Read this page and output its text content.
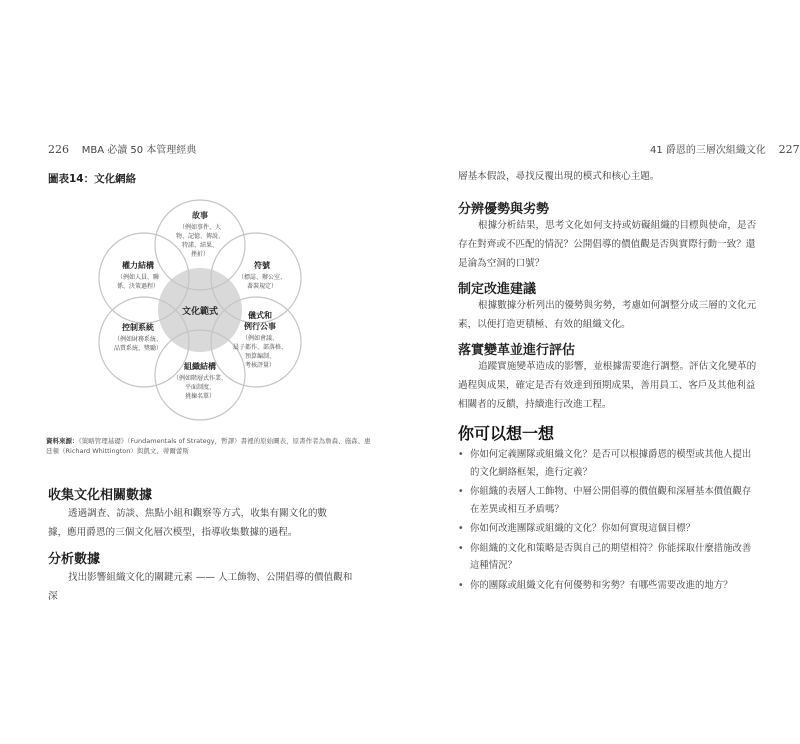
226 MBA 必讀 50 本管理經典
圖表14：文化網絡
文化範式
故事
（例如事件、人
物、記憶、傳說、
特諾、結果、
挫折）
符號
（標誌、辦公室、
著裝規定）
儀式和
例行公事
（例如會議、
晨子都作、部落格、
預算編制、
考核評量）
組織結構
（例如階層式作業、
平面制度、
挑揀名單）
控制系統
（例如財務系統、
品質系統、獎勵）
權力結構
（例如人員、聯
係、決策過程）
資料來源：《策略管理基礎》（Fundamentals of Strategy，暫譯）書裡的原始圖表，原書作者為詹森、施森、惠廷頓（Richard Whittington）與凱文、蒂爾蕾斯
收集文化相關數據

透過調查、訪談、焦點小組和觀察等方式，收集有關文化的數據，應用爵恩的三個文化層次模型，指導收集數據的過程。

分析數據

找出影響組織文化的關鍵元素 —— 人工飾物、公開倡導的價值觀和深

41 爵恩的三層次組織文化 227

層基本假設，尋找反覆出現的模式和核心主題。

分辨優勢與劣勢

根據分析結果，思考文化如何支持或妨礙組織的目標與使命，是否存在對齊或不匹配的情況？公開倡導的價值觀是否與實際行動一致？還是淪為空洞的口號？

制定改進建議

根據數據分析列出的優勢與劣勢，考慮如何調整分成三層的文化元素，以便打造更積極、有效的組織文化。

落實變革並進行評估

追蹤實施變革造成的影響，並根據需要進行調整。評估文化變革的過程與成果，確定是否有效達到預期成果，善用員工、客戶及其他利益相關者的反饋，持續進行改進工程。

你可以想一想
• 你如何定義團隊或組織文化？是否可以根據爵恩的模型或其他人提出的文化網絡框架，進行定義？
• 你組織的表層人工飾物、中層公開倡導的價值觀和深層基本價值觀存在差異或相互矛盾嗎？
• 你如何改進團隊或組織的文化？你如何實現這個目標？
• 你組織的文化和策略是否與自己的期望相符？你能採取什麼措施改善這種情況？
• 你的團隊或組織文化有何優勢和劣勢？有哪些需要改進的地方？
